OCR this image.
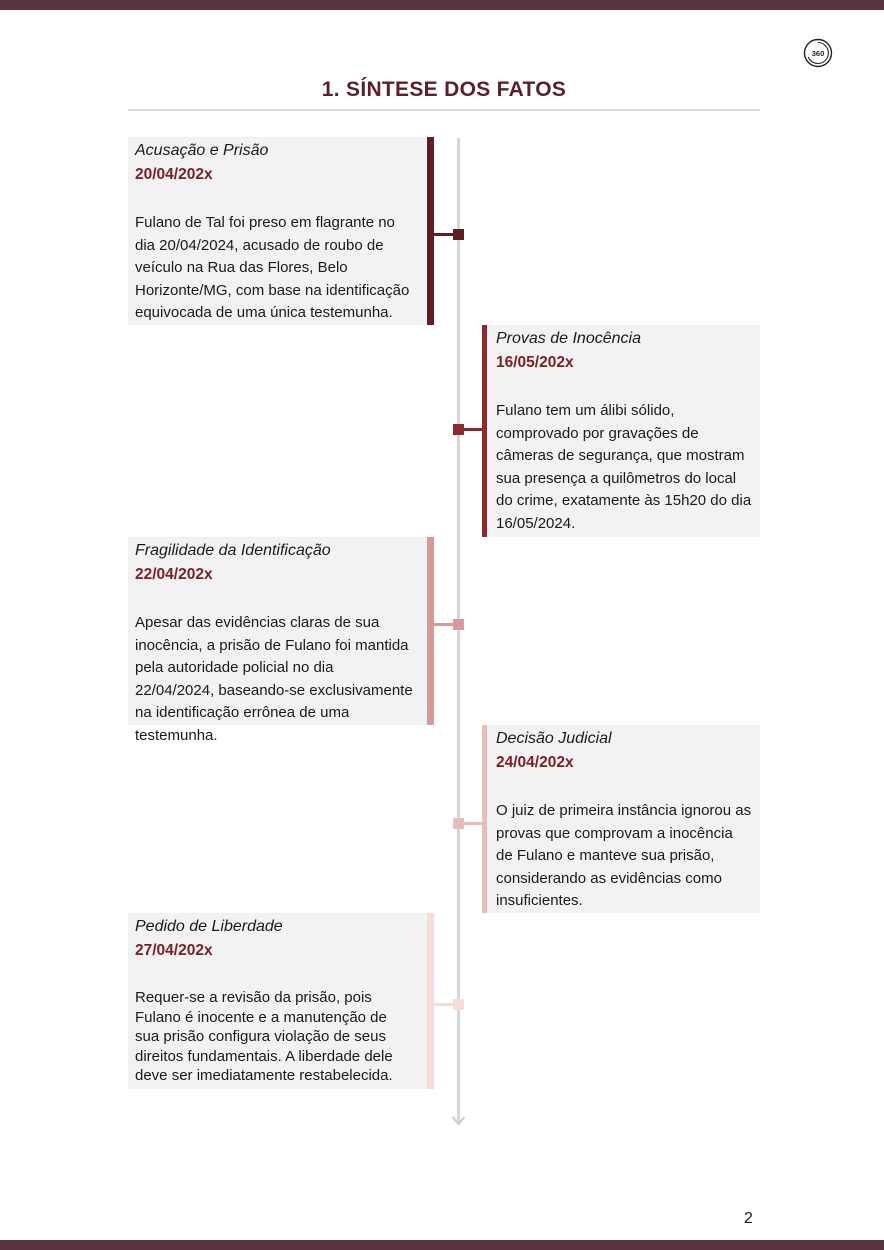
360
1. SÍNTESE DOS FATOS
Acusação e Prisão
20/04/202x

Fulano de Tal foi preso em flagrante no dia 20/04/2024, acusado de roubo de veículo na Rua das Flores, Belo Horizonte/MG, com base na identificação equivocada de uma única testemunha.

Provas de Inocência
16/05/202x

Fulano tem um álibi sólido, comprovado por gravações de câmeras de segurança, que mostram sua presença a quilômetros do local do crime, exatamente às 15h20 do dia 16/05/2024.

Fragilidade da Identificação
22/04/202x

Apesar das evidências claras de sua inocência, a prisão de Fulano foi mantida pela autoridade policial no dia 22/04/2024, baseando-se exclusivamente na identificação errônea de uma testemunha.	Decisão Judicial
24/04/202x

O juiz de primeira instância ignorou as provas que comprovam a inocência de Fulano e manteve sua prisão, considerando as evidências como insuficientes.

Pedido de Liberdade
27/04/202x

Requer-se a revisão da prisão, pois Fulano é inocente e a manutenção de sua prisão configura violação de seus direitos fundamentais. A liberdade dele deve ser imediatamente restabelecida.

2
